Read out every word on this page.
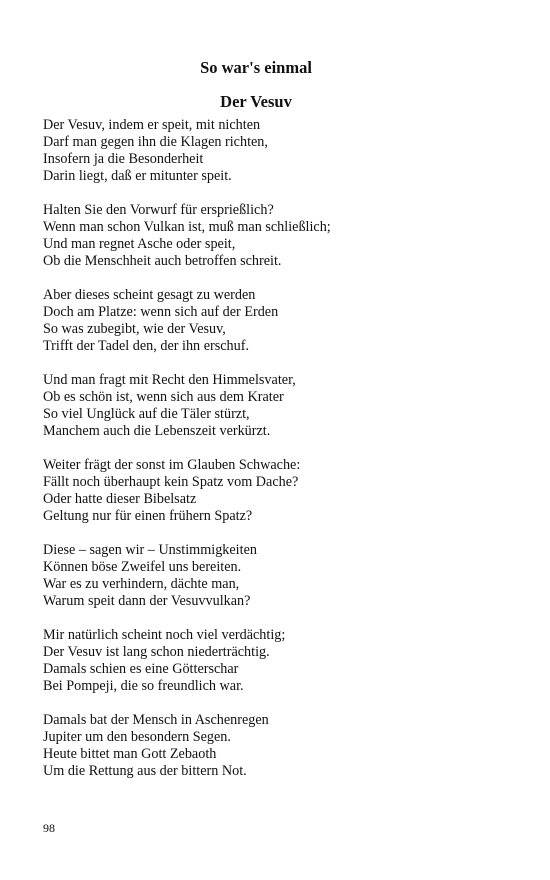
So war's einmal
Der Vesuv
Der Vesuv, indem er speit, mit nichten
Darf man gegen ihn die Klagen richten,
Insofern ja die Besonderheit
Darin liegt, daß er mitunter speit.
Halten Sie den Vorwurf für ersprießlich?
Wenn man schon Vulkan ist, muß man schließlich;
Und man regnet Asche oder speit,
Ob die Menschheit auch betroffen schreit.
Aber dieses scheint gesagt zu werden
Doch am Platze: wenn sich auf der Erden
So was zubegibt, wie der Vesuv,
Trifft der Tadel den, der ihn erschuf.
Und man fragt mit Recht den Himmelsvater,
Ob es schön ist, wenn sich aus dem Krater
So viel Unglück auf die Täler stürzt,
Manchem auch die Lebenszeit verkürzt.
Weiter frägt der sonst im Glauben Schwache:
Fällt noch überhaupt kein Spatz vom Dache?
Oder hatte dieser Bibelsatz
Geltung nur für einen frühern Spatz?
Diese – sagen wir – Unstimmigkeiten
Können böse Zweifel uns bereiten.
War es zu verhindern, dächte man,
Warum speit dann der Vesuvvulkan?
Mir natürlich scheint noch viel verdächtig;
Der Vesuv ist lang schon niederträchtig.
Damals schien es eine Götterschar
Bei Pompeji, die so freundlich war.
Damals bat der Mensch in Aschenregen
Jupiter um den besondern Segen.
Heute bittet man Gott Zebaoth
Um die Rettung aus der bittern Not.
98
